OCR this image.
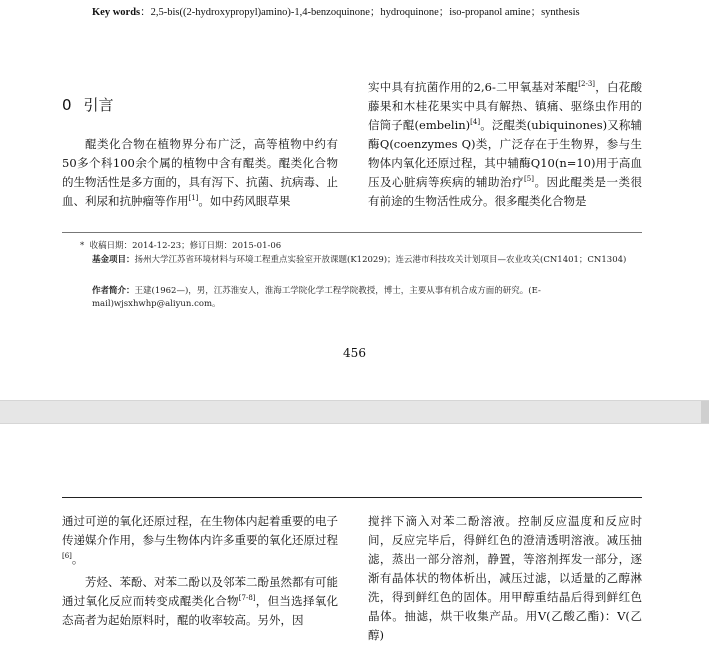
Key words：2,5-bis((2-hydroxypropyl)amino)-1,4-benzoquinone；hydroquinone；iso-propanol amine；synthesis
0 引言

醌类化合物在植物界分布广泛，高等植物中约有50多个科100余个属的植物中含有醌类。醌类化合物的生物活性是多方面的，具有泻下、抗菌、抗病毒、止血、利尿和抗肿瘤等作用[1]。如中药风眼草果

实中具有抗菌作用的2,6-二甲氧基对苯醌[2-3]，白花酸藤果和木桂花果实中具有解热、镇痛、驱绦虫作用的信筒子醌(embelin)[4]。泛醌类(ubiquinones)又称辅酶Q(coenzymes Q)类，广泛存在于生物界，参与生物体内氧化还原过程，其中辅酶Q10(n=10)用于高血压及心脏病等疾病的辅助治疗[5]。因此醌类是一类很有前途的生物活性成分。很多醌类化合物是

* 收稿日期：2014-12-23；修订日期：2015-01-06
基金项目：扬州大学江苏省环境材料与环境工程重点实验室开放课题(K12029)；连云港市科技攻关计划项目—农业攻关(CN1401；CN1304)
作者简介：王建(1962—)，男，江苏淮安人，淮海工学院化学工程学院教授，博士，主要从事有机合成方面的研究。(E-mail)wjsxhwhp@aliyun.com。
456

通过可逆的氧化还原过程，在生物体内起着重要的电子传递媒介作用，参与生物体内许多重要的氧化还原过程[6]。

芳烃、苯酚、对苯二酚以及邻苯二酚虽然都有可能通过氧化反应而转变成醌类化合物[7-8]，但当选择氧化态高者为起始原料时，醌的收率较高。另外，因

搅拌下滴入对苯二酚溶液。控制反应温度和反应时间，反应完毕后，得鲜红色的澄清透明溶液。减压抽滤，蒸出一部分溶剂，静置，等溶剂挥发一部分，逐渐有晶体状的物体析出，减压过滤，以适量的乙醇淋洗，得到鲜红色的固体。用甲醇重结晶后得到鲜红色晶体。抽滤，烘干收集产品。用V(乙酸乙酯)：V(乙醇)
